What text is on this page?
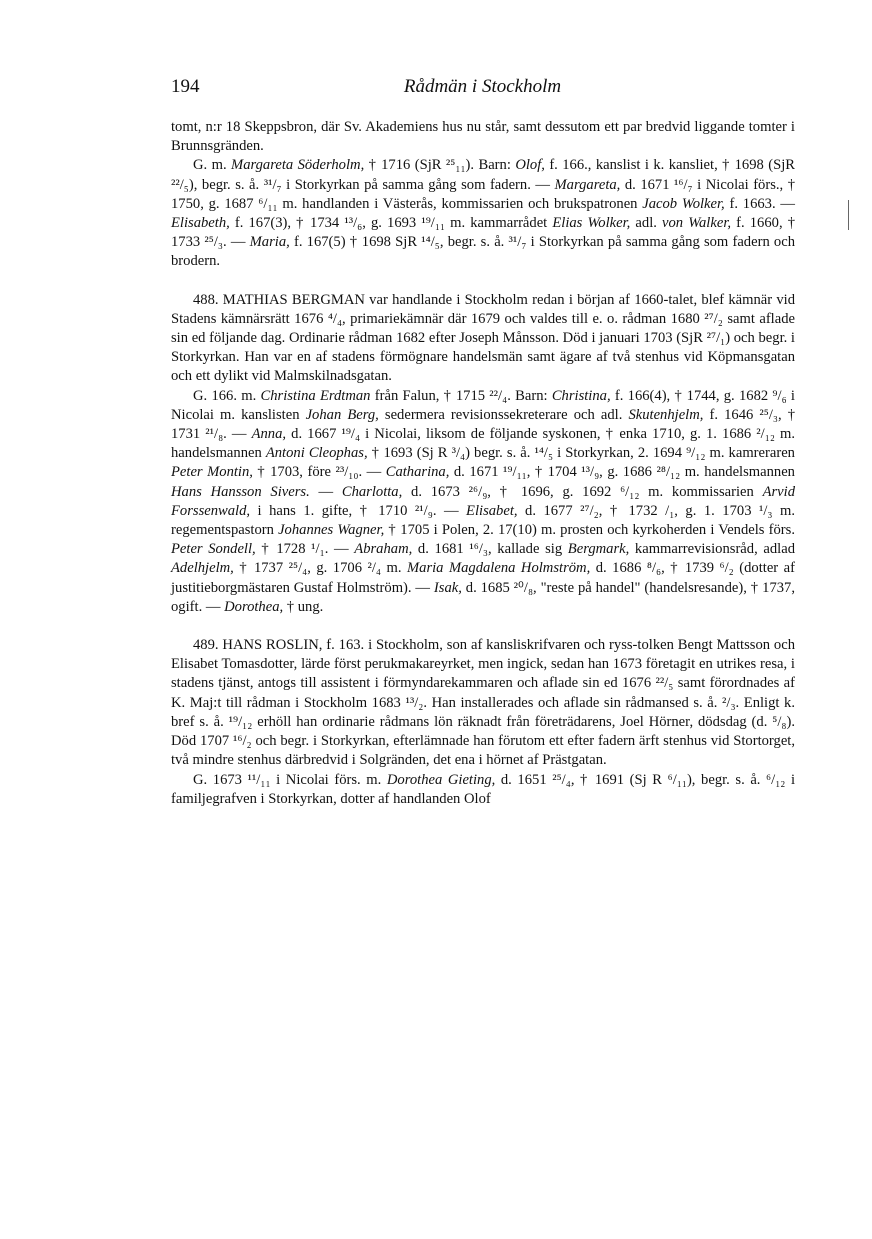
194	Rådmän i Stockholm

tomt, n:r 18 Skeppsbron, där Sv. Akademiens hus nu står, samt dessutom ett par bredvid liggande tomter i Brunnsgränden.

G. m. Margareta Söderholm, † 1716 (SjR ²⁵₁₁). Barn: Olof, f. 166., kanslist i k. kansliet, † 1698 (SjR ²²/₅), begr. s. å. ³¹/₇ i Storkyrkan på samma gång som fadern. — Margareta, d. 1671 ¹⁶/₇ i Nicolai förs., † 1750, g. 1687 ⁶/₁₁ m. handlanden i Västerås, kommissarien och brukspatronen Jacob Wolker, f. 1663. — Elisabeth, f. 167(3), † 1734 ¹³/₆, g. 1693 ¹⁹/₁₁ m. kammarrådet Elias Wolker, adl. von Walker, f. 1660, † 1733 ²⁵/₃. — Maria, f. 167(5) † 1698 SjR ¹⁴/₅, begr. s. å. ³¹/₇ i Storkyrkan på samma gång som fadern och brodern.

488. MATHIAS BERGMAN var handlande i Stockholm redan i början af 1660-talet, blef kämnär vid Stadens kämnärsrätt 1676 ⁴/₄, primariekämnär där 1679 och valdes till e. o. rådman 1680 ²⁷/₂ samt aflade sin ed följande dag. Ordinarie rådman 1682 efter Joseph Månsson. Död i januari 1703 (SjR ²⁷/₁) och begr. i Storkyrkan. Han var en af stadens förmögnare handelsmän samt ägare af två stenhus vid Köpmansgatan och ett dylikt vid Malmskilnadsgatan.

G. 166. m. Christina Erdtman från Falun, † 1715 ²²/₄. Barn: Christina, f. 166(4), † 1744, g. 1682 ⁹/₆ i Nicolai m. kanslisten Johan Berg, sedermera revisionssekreterare och adl. Skutenhjelm, f. 1646 ²⁵/₃, † 1731 ²¹/₈. — Anna, d. 1667 ¹⁹/₄ i Nicolai, liksom de följande syskonen, † enka 1710, g. 1. 1686 ²/₁₂ m. handelsmannen Antoni Cleophas, † 1693 (Sj R ³/₄) begr. s. å. ¹⁴/₅ i Storkyrkan, 2. 1694 ⁹/₁₂ m. kamreraren Peter Montin, † 1703, före ²³/₁₀. — Catharina, d. 1671 ¹⁹/₁₁, † 1704 ¹³/₉, g. 1686 ²⁸/₁₂ m. handelsmannen Hans Hansson Sivers. — Charlotta, d. 1673 ²⁶/₉, † 1696, g. 1692 ⁶/₁₂ m. kommissarien Arvid Forssenwald, i hans 1. gifte, † 1710 ²¹/₉. — Elisabet, d. 1677 ²⁷/₂, † 1732 /₁, g. 1. 1703 ¹/₃ m. regementspastorn Johannes Wagner, † 1705 i Polen, 2. 17(10) m. prosten och kyrkoherden i Vendels förs. Peter Sondell, † 1728 ¹/₁. — Abraham, d. 1681 ¹⁶/₃, kallade sig Bergmark, kammarrevisionsråd, adlad Adelhjelm, † 1737 ²⁵/₄, g. 1706 ²/₄ m. Maria Magdalena Holmström, d. 1686 ⁸/₆, † 1739 ⁶/₂ (dotter af justitieborgmästaren Gustaf Holmström). — Isak, d. 1685 ²⁰/₈, "reste på handel" (handelsresande), † 1737, ogift. — Dorothea, † ung.

489. HANS ROSLIN, f. 163. i Stockholm, son af kansliskrifvaren och ryss-tolken Bengt Mattsson och Elisabet Tomasdotter, lärde först perukmakareyrket, men ingick, sedan han 1673 företagit en utrikes resa, i stadens tjänst, antogs till assistent i förmyndarekammaren och aflade sin ed 1676 ²²/₅ samt förordnades af K. Maj:t till rådman i Stockholm 1683 ¹³/₂. Han installerades och aflade sin rådmansed s. å. ²/₃. Enligt k. bref s. å. ¹⁹/₁₂ erhöll han ordinarie rådmans lön räknadt från företrädarens, Joel Hörner, dödsdag (d. ⁵/₈). Död 1707 ¹⁶/₂ och begr. i Storkyrkan, efterlämnade han förutom ett efter fadern ärft stenhus vid Stortorget, två mindre stenhus därbredvid i Solgränden, det ena i hörnet af Prästgatan.

G. 1673 ¹¹/₁₁ i Nicolai förs. m. Dorothea Gieting, d. 1651 ²⁵/₄, † 1691 (Sj R ⁶/₁₁), begr. s. å. ⁶/₁₂ i familjegrafven i Storkyrkan, dotter af handlanden Olof
